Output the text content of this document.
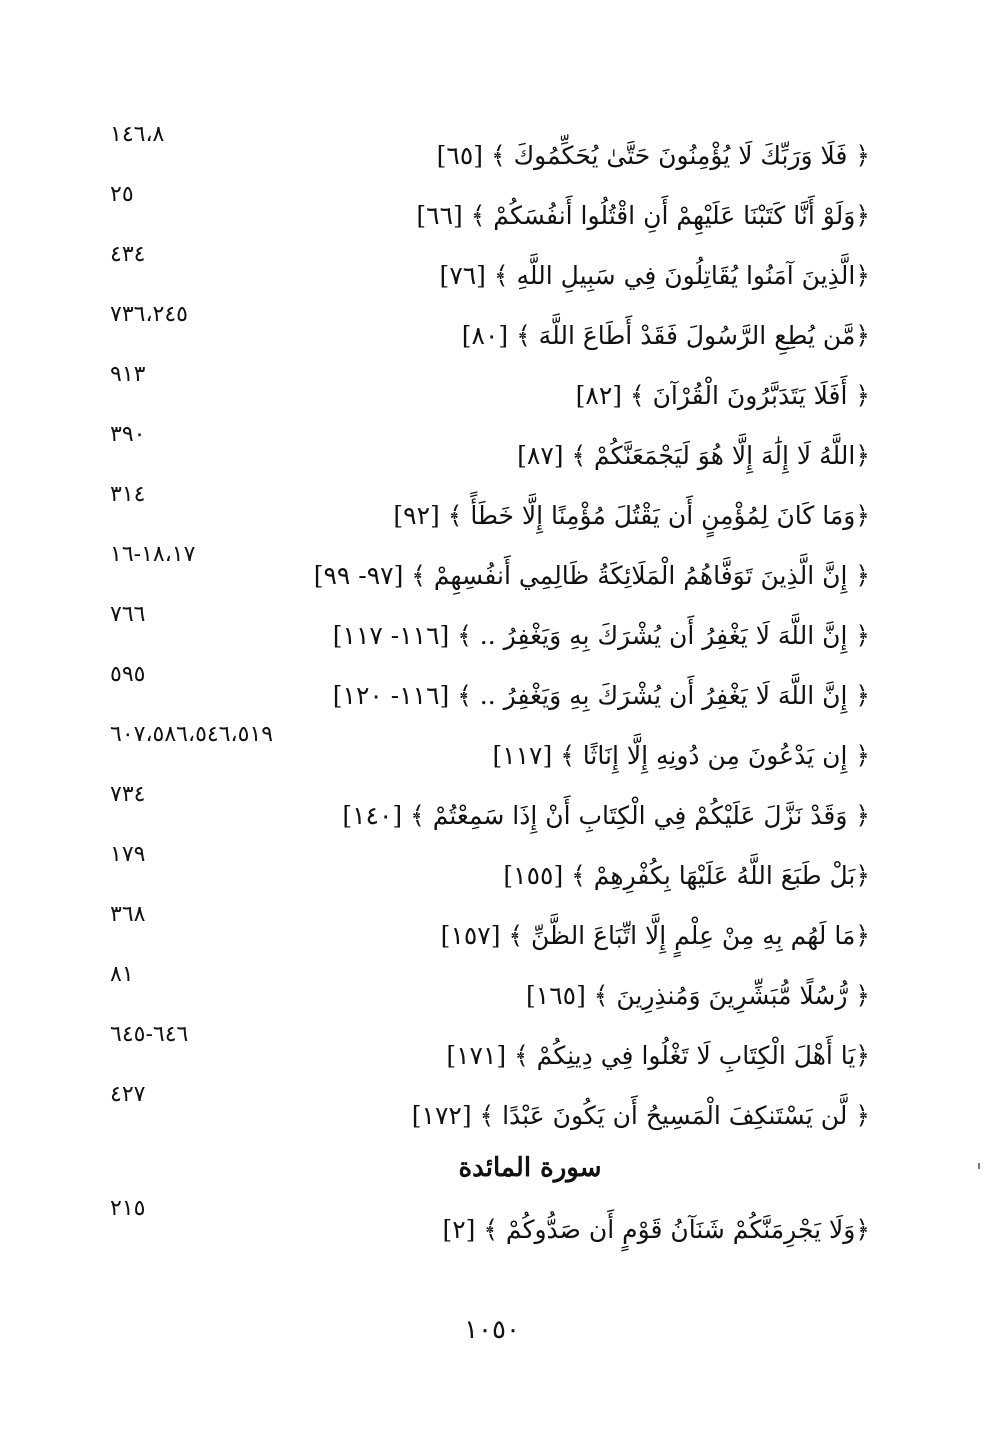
﴿ فَلَا وَرَبِّكَ لَا يُؤْمِنُونَ حَتَّىٰ يُحَكِّمُوكَ ﴾ [٦٥]
١٤٦،٨
﴿وَلَوْ أَنَّا كَتَبْنَا عَلَيْهِمْ أَنِ اقْتُلُوا أَنفُسَكُمْ ﴾ [٦٦]
٢٥
﴿الَّذِينَ آمَنُوا يُقَاتِلُونَ فِي سَبِيلِ اللَّهِ ﴾ [٧٦]
٤٣٤
﴿مَّن يُطِعِ الرَّسُولَ فَقَدْ أَطَاعَ اللَّهَ ﴾ [٨٠]
٧٣٦،٢٤٥
﴿ أَفَلَا يَتَدَبَّرُونَ الْقُرْآنَ ﴾ [٨٢]
٩١٣
﴿اللَّهُ لَا إِلَٰهَ إِلَّا هُوَ لَيَجْمَعَنَّكُمْ ﴾ [٨٧]
٣٩٠
﴿وَمَا كَانَ لِمُؤْمِنٍ أَن يَقْتُلَ مُؤْمِنًا إِلَّا خَطَأً ﴾ [٩٢]
٣١٤
﴿ إِنَّ الَّذِينَ تَوَفَّاهُمُ الْمَلَائِكَةُ ظَالِمِي أَنفُسِهِمْ ﴾ [٩٧- ٩٩]
١٨،١٧-١٦
﴿ إِنَّ اللَّهَ لَا يَغْفِرُ أَن يُشْرَكَ بِهِ وَيَغْفِرُ .. ﴾ [١١٦- ١١٧]
٧٦٦
﴿ إِنَّ اللَّهَ لَا يَغْفِرُ أَن يُشْرَكَ بِهِ وَيَغْفِرُ .. ﴾ [١١٦- ١٢٠]
٥٩٥
﴿ إِن يَدْعُونَ مِن دُونِهِ إِلَّا إِنَاثًا ﴾ [١١٧]
٦٠٧،٥٨٦،٥٤٦،٥١٩
﴿ وَقَدْ نَزَّلَ عَلَيْكُمْ فِي الْكِتَابِ أَنْ إِذَا سَمِعْتُمْ ﴾ [١٤٠]
٧٣٤
﴿بَلْ طَبَعَ اللَّهُ عَلَيْهَا بِكُفْرِهِمْ ﴾ [١٥٥]
١٧٩
﴿مَا لَهُم بِهِ مِنْ عِلْمٍ إِلَّا اتِّبَاعَ الظَّنِّ ﴾ [١٥٧]
٣٦٨
﴿ رُّسُلًا مُّبَشِّرِينَ وَمُنذِرِينَ ﴾ [١٦٥]
٨١
﴿يَا أَهْلَ الْكِتَابِ لَا تَغْلُوا فِي دِينِكُمْ ﴾ [١٧١]
٦٤٦-٦٤٥
﴿ لَّن يَسْتَنكِفَ الْمَسِيحُ أَن يَكُونَ عَبْدًا ﴾ [١٧٢]
٤٢٧
سورة المائدة
﴿وَلَا يَجْرِمَنَّكُمْ شَنَآنُ قَوْمٍ أَن صَدُّوكُمْ ﴾ [٢]
٢١٥
١٠٥٠
